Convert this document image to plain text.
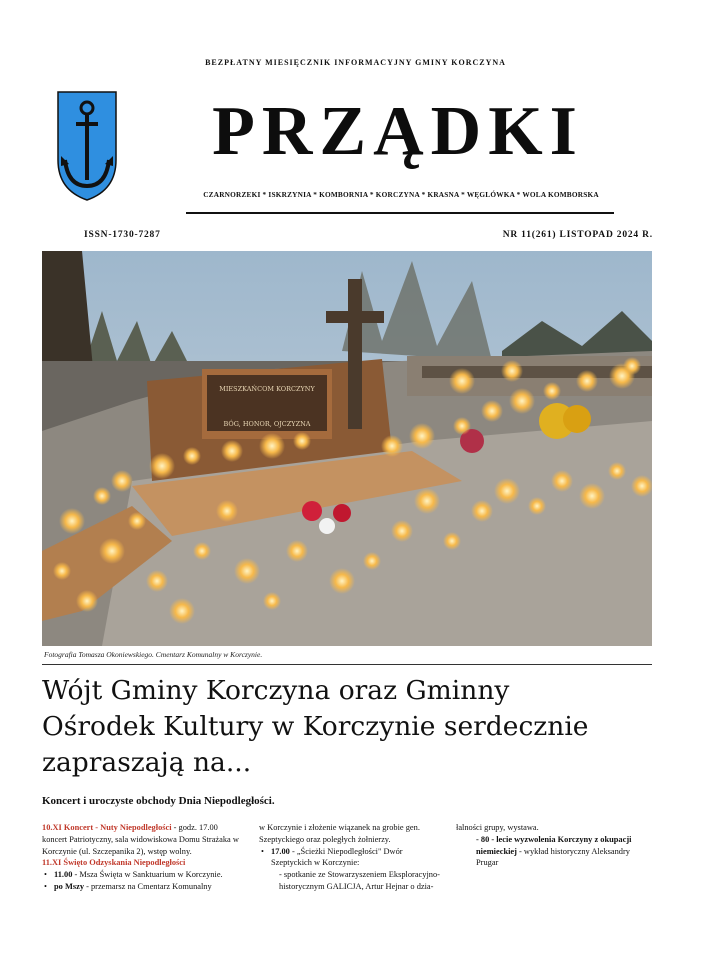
BEZPŁATNY MIESIĘCZNIK INFORMACYJNY GMINY KORCZYNA
PRZĄDKI
CZARNORZEKI * ISKRZYNIA * KOMBORNIA * KORCZYNA * KRASNA * WĘGLÓWKA * WOLA KOMBORSKA
ISSN-1730-7287	NR 11(261) LISTOPAD 2024 R.
MIESZKAŃCOM KORCZYNY
BÓG, HONOR, OJCZYZNA
Fotografia Tomasza Okoniewskiego. Cmentarz Komunalny w Korczynie.
Wójt Gminy Korczyna oraz Gminny
Ośrodek Kultury w Korczynie serdecznie
zapraszają na...
Koncert i uroczyste obchody Dnia Niepodległości.

10.XI Koncert - Nuty Niepodległości - godz. 17.00 koncert Patriotyczny, sala widowiskowa Domu Strażaka w Korczynie (ul. Szczepanika 2), wstęp wolny.

11.XI Święto Odzyskania Niepodległości

• 11.00 - Msza Święta w Sanktuarium w Korczynie.

• po Mszy - przemarsz na Cmentarz Komunalny

w Korczynie i złożenie wiązanek na grobie gen. Szeptyckiego oraz poległych żołnierzy.

• 17.00 - „Ścieżki Niepodległości" Dwór Szeptyckich w Korczynie:

- spotkanie ze Stowarzyszeniem Eksploracyjno-historycznym GALICJA, Artur Hejnar o dzia-

łalności grupy, wystawa.

- 80 - lecie wyzwolenia Korczyny z okupacji niemieckiej - wykład historyczny Aleksandry Prugar
